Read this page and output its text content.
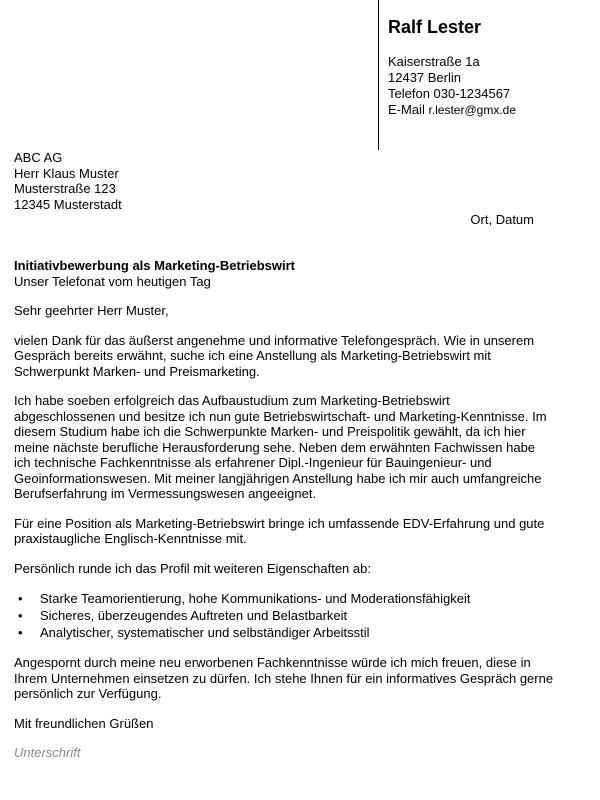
Ralf Lester
Kaiserstraße 1a
12437 Berlin
Telefon 030-1234567
E-Mail r.lester@gmx.de
ABC AG
Herr Klaus Muster
Musterstraße 123
12345 Musterstadt
Ort, Datum
Initiativbewerbung als Marketing-Betriebswirt
Unser Telefonat vom heutigen Tag
Sehr geehrter Herr Muster,

vielen Dank für das äußerst angenehme und informative Telefongespräch. Wie in unserem Gespräch bereits erwähnt, suche ich eine Anstellung als Marketing-Betriebswirt mit Schwerpunkt Marken- und Preismarketing.

Ich habe soeben erfolgreich das Aufbaustudium zum Marketing-Betriebswirt abgeschlossenen und besitze ich nun gute Betriebswirtschaft- und Marketing-Kenntnisse. Im diesem Studium habe ich die Schwerpunkte Marken- und Preispolitik gewählt, da ich hier meine nächste berufliche Herausforderung sehe. Neben dem erwähnten Fachwissen habe ich technische Fachkenntnisse als erfahrener Dipl.-Ingenieur für Bauingenieur- und Geoinformationswesen. Mit meiner langjährigen Anstellung habe ich mir auch umfangreiche Berufserfahrung im Vermessungswesen angeeignet.

Für eine Position als Marketing-Betriebswirt bringe ich umfassende EDV-Erfahrung und gute praxistaugliche Englisch-Kenntnisse mit.

Persönlich runde ich das Profil mit weiteren Eigenschaften ab:

• Starke Teamorientierung, hohe Kommunikations- und Moderationsfähigkeit
• Sicheres, überzeugendes Auftreten und Belastbarkeit
• Analytischer, systematischer und selbständiger Arbeitsstil

Angespornt durch meine neu erworbenen Fachkenntnisse würde ich mich freuen, diese in Ihrem Unternehmen einsetzen zu dürfen. Ich stehe Ihnen für ein informatives Gespräch gerne persönlich zur Verfügung.

Mit freundlichen Grüßen
Unterschrift
